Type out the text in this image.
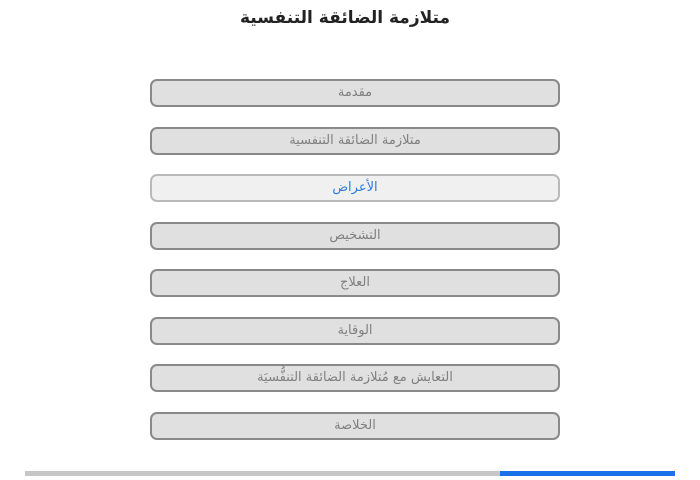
متلازمة الضائقة التنفسية
مقدمة
متلازمة الضائقة التنفسية
الأعراض
التشخيص
العلاج
الوقاية
التعايش مع مُتلازمة الضائقة التنفُّسيَة
الخلاصة
